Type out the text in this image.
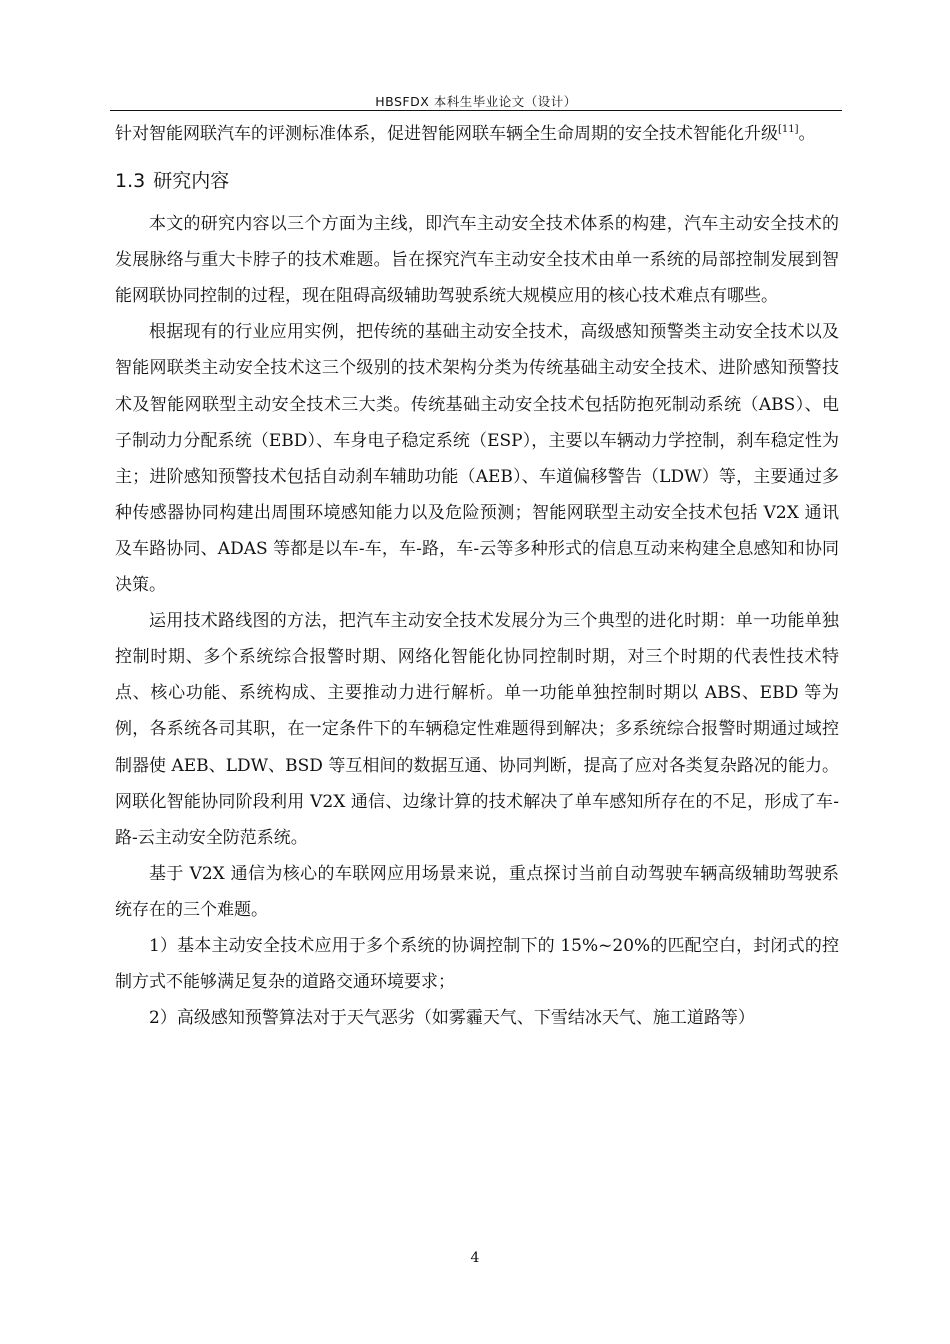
HBSFDX 本科生毕业论文（设计）

针对智能网联汽车的评测标准体系，促进智能网联车辆全生命周期的安全技术智能化升级[11]。

1.3 研究内容

本文的研究内容以三个方面为主线，即汽车主动安全技术体系的构建，汽车主动安全技术的发展脉络与重大卡脖子的技术难题。旨在探究汽车主动安全技术由单一系统的局部控制发展到智能网联协同控制的过程，现在阻碍高级辅助驾驶系统大规模应用的核心技术难点有哪些。

根据现有的行业应用实例，把传统的基础主动安全技术，高级感知预警类主动安全技术以及智能网联类主动安全技术这三个级别的技术架构分类为传统基础主动安全技术、进阶感知预警技术及智能网联型主动安全技术三大类。传统基础主动安全技术包括防抱死制动系统（ABS）、电子制动力分配系统（EBD）、车身电子稳定系统（ESP），主要以车辆动力学控制，刹车稳定性为主；进阶感知预警技术包括自动刹车辅助功能（AEB）、车道偏移警告（LDW）等，主要通过多种传感器协同构建出周围环境感知能力以及危险预测；智能网联型主动安全技术包括 V2X 通讯及车路协同、ADAS 等都是以车-车，车-路，车-云等多种形式的信息互动来构建全息感知和协同决策。

运用技术路线图的方法，把汽车主动安全技术发展分为三个典型的进化时期：单一功能单独控制时期、多个系统综合报警时期、网络化智能化协同控制时期，对三个时期的代表性技术特点、核心功能、系统构成、主要推动力进行解析。单一功能单独控制时期以 ABS、EBD 等为例，各系统各司其职，在一定条件下的车辆稳定性难题得到解决；多系统综合报警时期通过域控制器使 AEB、LDW、BSD 等互相间的数据互通、协同判断，提高了应对各类复杂路况的能力。网联化智能协同阶段利用 V2X 通信、边缘计算的技术解决了单车感知所存在的不足，形成了车-路-云主动安全防范系统。

基于 V2X 通信为核心的车联网应用场景来说，重点探讨当前自动驾驶车辆高级辅助驾驶系统存在的三个难题。

1）基本主动安全技术应用于多个系统的协调控制下的 15%~20%的匹配空白，封闭式的控制方式不能够满足复杂的道路交通环境要求；

2）高级感知预警算法对于天气恶劣（如雾霾天气、下雪结冰天气、施工道路等）

4
